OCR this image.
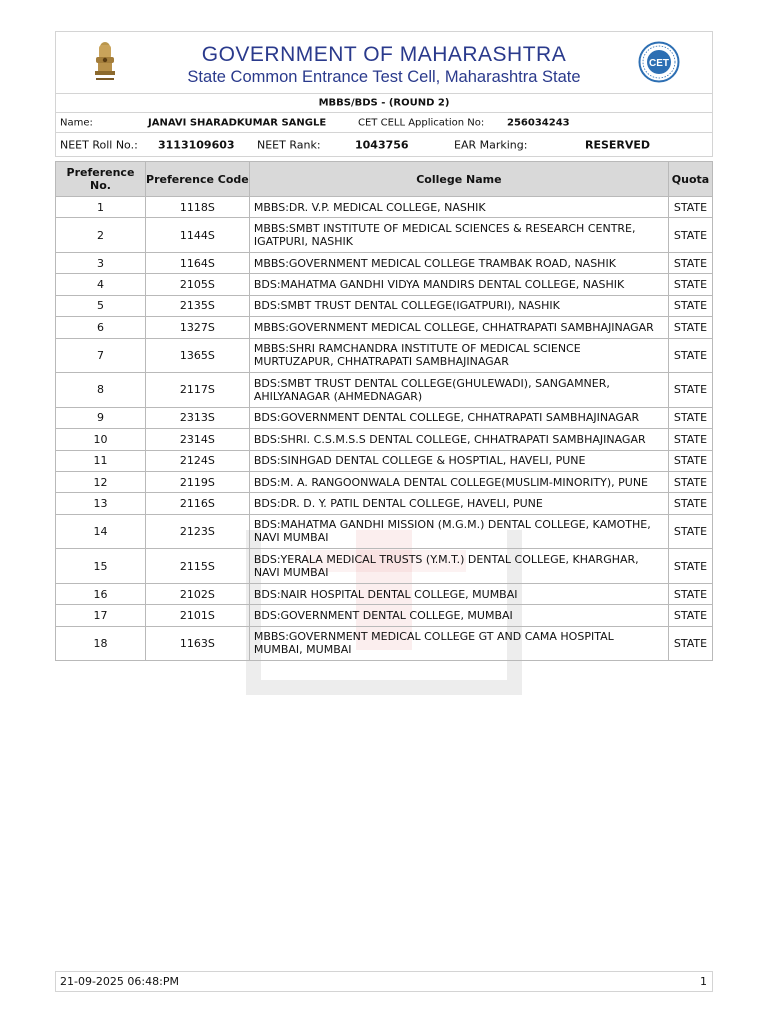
GOVERNMENT OF MAHARASHTRA
State Common Entrance Test Cell, Maharashtra State
CET
MBBS/BDS - (ROUND 2)
Name:	JANAVI SHARADKUMAR SANGLE	CET CELL Application No: 256034243
NEET Roll No.: 3113109603 NEET Rank:	1043756	EAR Marking:	RESERVED
Preference No.	Preference Code	College Name	Quota
1	1118S	MBBS:DR. V.P. MEDICAL COLLEGE, NASHIK	STATE
2	1144S	MBBS:SMBT INSTITUTE OF MEDICAL SCIENCES & RESEARCH CENTRE, IGATPURI, NASHIK	STATE
3	1164S	MBBS:GOVERNMENT MEDICAL COLLEGE TRAMBAK ROAD, NASHIK	STATE
4	2105S	BDS:MAHATMA GANDHI VIDYA MANDIRS DENTAL COLLEGE, NASHIK	STATE
5	2135S	BDS:SMBT TRUST DENTAL COLLEGE(IGATPURI), NASHIK	STATE
6	1327S	MBBS:GOVERNMENT MEDICAL COLLEGE, CHHATRAPATI SAMBHAJINAGAR	STATE
7	1365S	MBBS:SHRI RAMCHANDRA INSTITUTE OF MEDICAL SCIENCE MURTUZAPUR, CHHATRAPATI SAMBHAJINAGAR	STATE
8	2117S	BDS:SMBT TRUST DENTAL COLLEGE(GHULEWADI), SANGAMNER, AHILYANAGAR (AHMEDNAGAR)	STATE
9	2313S	BDS:GOVERNMENT DENTAL COLLEGE, CHHATRAPATI SAMBHAJINAGAR	STATE
10	2314S	BDS:SHRI. C.S.M.S.S DENTAL COLLEGE, CHHATRAPATI SAMBHAJINAGAR	STATE
11	2124S	BDS:SINHGAD DENTAL COLLEGE & HOSPTIAL, HAVELI, PUNE	STATE
12	2119S	BDS:M. A. RANGOONWALA DENTAL COLLEGE(MUSLIM-MINORITY), PUNE	STATE
13	2116S	BDS:DR. D. Y. PATIL DENTAL COLLEGE, HAVELI, PUNE	STATE
14	2123S	BDS:MAHATMA GANDHI MISSION (M.G.M.) DENTAL COLLEGE, KAMOTHE, NAVI MUMBAI	STATE
15	2115S	BDS:YERALA MEDICAL TRUSTS (Y.M.T.) DENTAL COLLEGE, KHARGHAR, NAVI MUMBAI	STATE
16	2102S	BDS:NAIR HOSPITAL DENTAL COLLEGE, MUMBAI	STATE
17	2101S	BDS:GOVERNMENT DENTAL COLLEGE, MUMBAI	STATE
18	1163S	MBBS:GOVERNMENT MEDICAL COLLEGE GT AND CAMA HOSPITAL MUMBAI, MUMBAI	STATE
21-09-2025 06:48:PM	1
